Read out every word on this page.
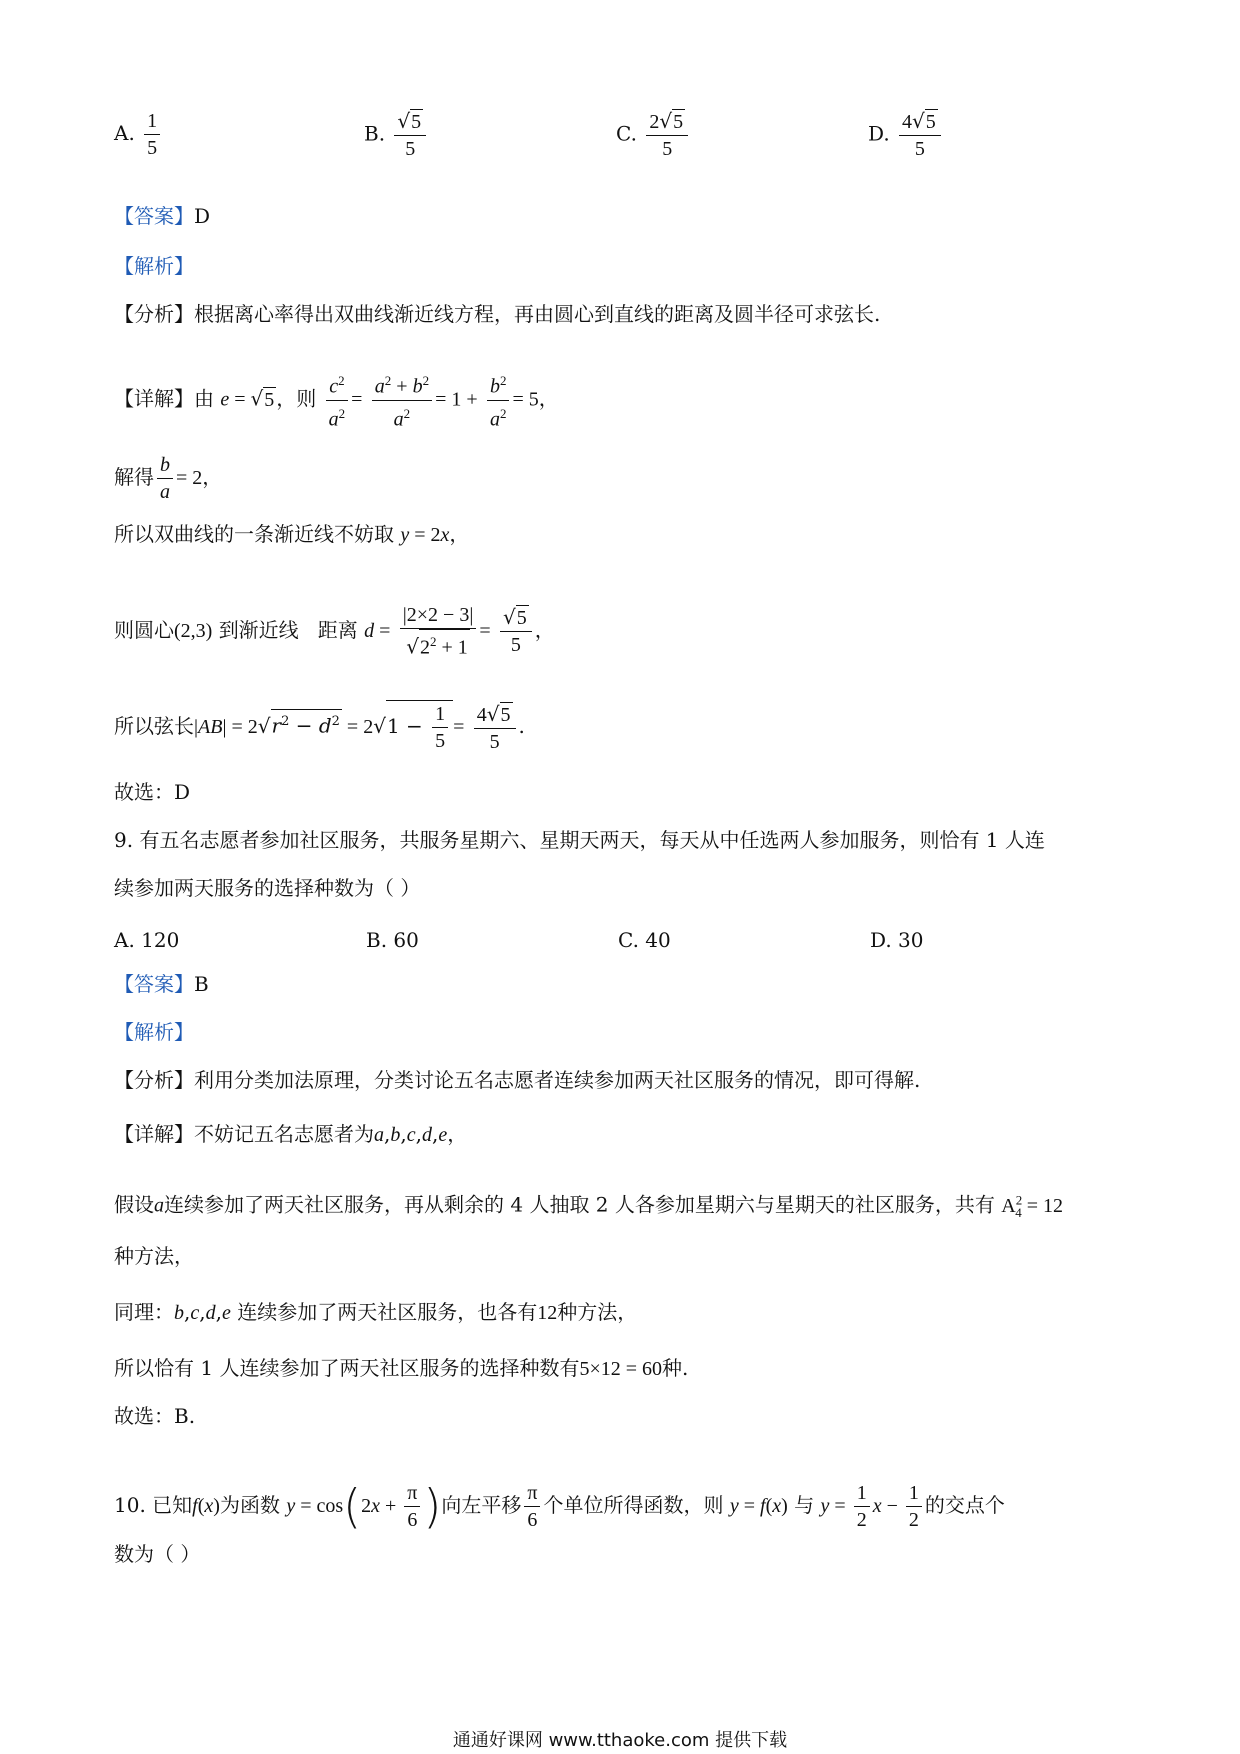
A. $\frac{1}{5}$	B. $\frac{√5}{5}$	C. $\frac{2√5}{5}$	D. $\frac{4√5}{5}$
【答案】D
【解析】
【分析】根据离心率得出双曲线渐近线方程，再由圆心到直线的距离及圆半径可求弦长.
【详解】由 e = √5 ，则 $\frac{c^2}{a^2} = \frac{a^2 + b^2}{a^2} = 1 + \frac{b^2}{a^2} = 5$，
解得 $\frac{b}{a} = 2$，
所以双曲线的一条渐近线不妨取 y = 2x，
则圆心(2,3) 到渐近线 距离 $d = \frac{|2\times 2 - 3|}{√2^2 + 1} = \frac{√5}{5}$ ，
所以弦长$|AB| = 2√r^2 - d^2 = 2√1 - \frac{1}{5} = \frac{4√5}{5}$ .
故选：D
9. 有五名志愿者参加社区服务，共服务星期六、星期天两天，每天从中任选两人参加服务，则恰有 1 人连
续参加两天服务的选择种数为（ ）
A. 120	B. 60	C. 40	D. 30
【答案】B
【解析】
【分析】利用分类加法原理，分类讨论五名志愿者连续参加两天社区服务的情况，即可得解.
【详解】不妨记五名志愿者为a,b,c,d,e，
假设a连续参加了两天社区服务，再从剩余的 4 人抽取 2 人各参加星期六与星期天的社区服务，共有 $A^2_4 = 12$
种方法，
同理：b,c,d,e 连续参加了两天社区服务，也各有12种方法，
所以恰有 1 人连续参加了两天社区服务的选择种数有5×12 = 60种.
故选：B.
10. 已知f(x)为函数 $y = \cos(2x + \frac{\pi}{6}$ )向左平移 $\frac{\pi}{6}$ 个单位所得函数，则 y = f(x) 与 $y = \frac{1}{2}$ $x - \frac{1}{2}$ 的交点个
数为（ ）
通通好课网 www.tthaoke.com 提供下载
